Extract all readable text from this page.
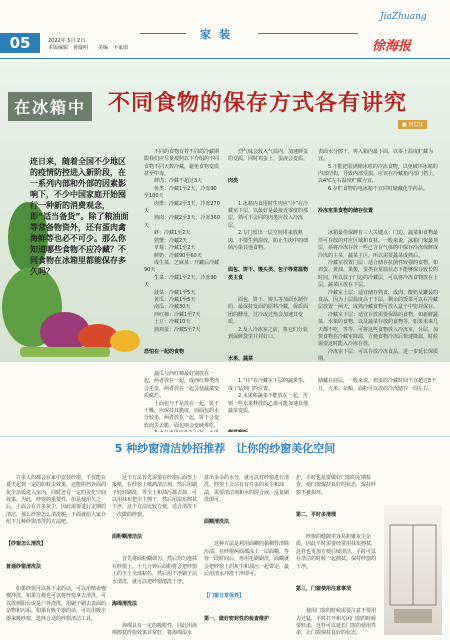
05	2022年 5月 2日
本版编辑　黄璇明　　美编　卜家雨
家装
JiaZhuang
徐海报
在冰箱中 不同食物的保存方式各有讲究
■ 何思宜
连日来，随着全国不少地区的疫情防控进入新阶段，在一系列内部和外部的因素影响下，不少中国家庭开始囤行一种新的消费观念，即“适当备货”。除了粮油面等常备物资外，还有蛋肉禽海鲜等也必不可少。那么你知道哪些食物不应冷藏？不同食物在冰箱里都能保存多久吗？

　　不同的食物有着不同的冷藏期限我们应尽量按照以下介绍的不同食物不同天数冷藏，避免食物变质甚至中毒。
　　鲜肉：冷藏不超过3天
　　鱼类：冷藏1至2天，冷冻90至180天
　　肉排：冷藏2至3天，冷冻270天
　　熟肉：冷藏2至3天，冷冻360天
　　虾：冷藏1至2天
　　熟蟹：冷藏2天
　　草莓：冷藏1至2天
　　鲜奶：冷藏90至60天
　　成生菜、芝麻菜：开罐后冷藏90天
　　生菜：冷藏1至2天，冷冻90天
　　菠菜：冷藏1至5天
　　黄瓜：冷藏1至5天
　　南瓜：冷藏30天
　　西红柿：冷藏1至7天
　　土豆：冷藏10天
　　熟鸡蛋：冷藏5至7天

恐怕在一起的食物

　　蔬瓜与西红柿最好别放在一起，两者放在一起，成西红柿类肉会毛蛋，两者放在一起会使蔬菜变质腐烂。
　　上面包与于是放在一起，饼干干燥，应保持其脆度，而面包的水分较多，两者放在一起，饼干会变软而失去脆。面包则会变硬难吃。

　　烈气味会较入气温内，加速鲜蛋的变质，同时鸡蛋上，蛋液会变质。

肉类

　　1.冰箱内食用时生肉应“冷”在冷藏室下层，以最好是最接近零度的那层，熟可不会同的肉类应放入冷冻层。
　　2.专门留出一层空间用来放熟肉，不要生熟混放，防止生肉中的细菌污染其他食物。

面包、饼干、馒头类、包子等常温物类主食

　　面包、饼干、馒头等加面水制作的，最保持发面的原料冷藏，保质面团的酵母，过冷或过热会加速其变质。
　　2.及入冷冻室之前，将它们分装到保鲜袋里并封好口。

水果、蔬菜

　　1.“住”在冷藏室下层的蔬果里，成了钻到门的位置。
　　2.水果和蔬菜不能放在一起，否则一些水果释放的乙烯可能加速其他蔬菜变质。

表面水分擦干，再入箱内最下面，以零上温度贮藏为宜。
　　5.不能把装满储冰机的冷冻食物，以免破坏冰箱的内部结构，导致内部受损，应该在冷藏箱内部门档上，以4℃左右温度贮藏为宜。
　　6.存贮食物的电冰箱不宜同时储藏化学药品。

冷冻室里食物的储存位置

　　冰箱最佳保鲜有三大关键点：门边、蔬菜和食物最佳可存放的对应区域和食材。一般来说，冰箱门架最顶层，须将冷冻存放一些已含有气体的中保存冷冻保鲜成冷冻的主菜，蔬菜主区，所以需要蔬菜成熟后。
　　冷藏室放置门层：适合储存抗菌性较强的食物，如鸡蛋、黄油、果酱，蛋类在常温状态下能够保存较长的时间，所以放于门边的冷藏层，可以将冷冻食物放在上层，蔬菜区放在下层。
　　冷藏室上层：适宜储存熟食、成肉、酸奶及罐装的食品、因为上层温度高于下层，剩余的饭菜可以在冷藏层放置一两天，成熟冷藏食物可放入盒子中密封保存。
　　冷藏室下层：适宜存放需要保温的食物，如新鲜蔬菜、水果的食物、以及蔬菜存放的食物等，如果未来几天都不吃，等等，可将这些食物放入冷冻室，分层，加快食物在冷藏室降温，方便食物冷冻后快速降温，时候需要这时能入冷冻存放。
　　冷冻室下层：可以存放冷冻食品，进一步延长保质期。

储藏在底层，一般来说，鸡蛋的冷藏时间不宜超过8个月，大米、杂粮、面粉可以放的冷冻储存一周左右。

5 种纱窗清洁妙招推荐　让你的纱窗美化空间

　　许多人的都会在家中安装纱窗，不仅能在夏天起到一定的防蚊虫效果，还能阻挡外面的灰尘杂质进入室内，同时还有一定的美化空间效果。为此，纱窗的重要性，但是使用久之后，上面会有许多灰尘。因此需要进行定期的清洁，那么纱窗怎么清洗呢，下面就给大家介绍下几种纱窗清洗的方法吧。

【纱窗怎么清洗】

普通纱窗清洗法

　　如果纱窗可以拆下来的话，可以用喷壶慢慢冲洗，如果方便也可以将纱窗拿去清洗，可以放到阳台或是户外浇洗，用刷子刷去表面的杂物和污垢。如果有吸尘器的话，可以用吸尘器来吸纱窗，选择合适的纱窗清洁工具。

　　这个方法首先需要在纱窗后面垫上报纸，在纱窗上喷洒清洁剂，然后用刷子轻轻刷洗，等尘土和油污都去掉，可以用抹布把尘土擦干，然后用湿布擦拭干净，这个方法比较方便，适合清洗下一次做的纱窗。

面粉糊清洁法

　　首先将面粉糊调匀，然后均匀地抹在纱窗上，十几分钟后面粉将会把纱窗上的尘土全部粘住，然后用干净刷子沾水清洗，就可以把纱窗清洗干净。

海绵清洗法

　　海绵具有一定的吸附性，同此用海绵擦拭纱窗效果非常好，将海绵湿水

挤出多余的水分，就可以对纱窗进行清洗，纱窗上会沾有有许多的灰尘和油渍，需要清洁剂和水的混合液，反复刷洗即可。

面糊清洗法

　　这种方法是利用面糊的黏稠性清除污渍，在纱窗两面都涂上一层面糊，等待一段时间后，再用毛刷刷洗，面糊就会把纱窗上的灰尘和油污一起带走，最后用清水冲洗干净即可。

【门窗日常保养】

第一，做好密封性的检查维护

护，平时也是要做好门窗的定期检查，使门窗保持良好的状态，保持纱窗不被损坏。

第二，平时多清理

　　纱窗的缝隙里容易积聚灰尘杂质，因此平时需要经常用抹布擦拭，这样也更加方便后续清洁，平时可以在清洁的时候一起擦拭，保持纱窗的干净。

第三，门窗使用注意事项

　　使用门窗的时候需要注意不要用力过猛，平时打开和关闭门窗的时候要轻柔，这样可以延长门窗的使用寿命，让门窗保持良好的状态。
